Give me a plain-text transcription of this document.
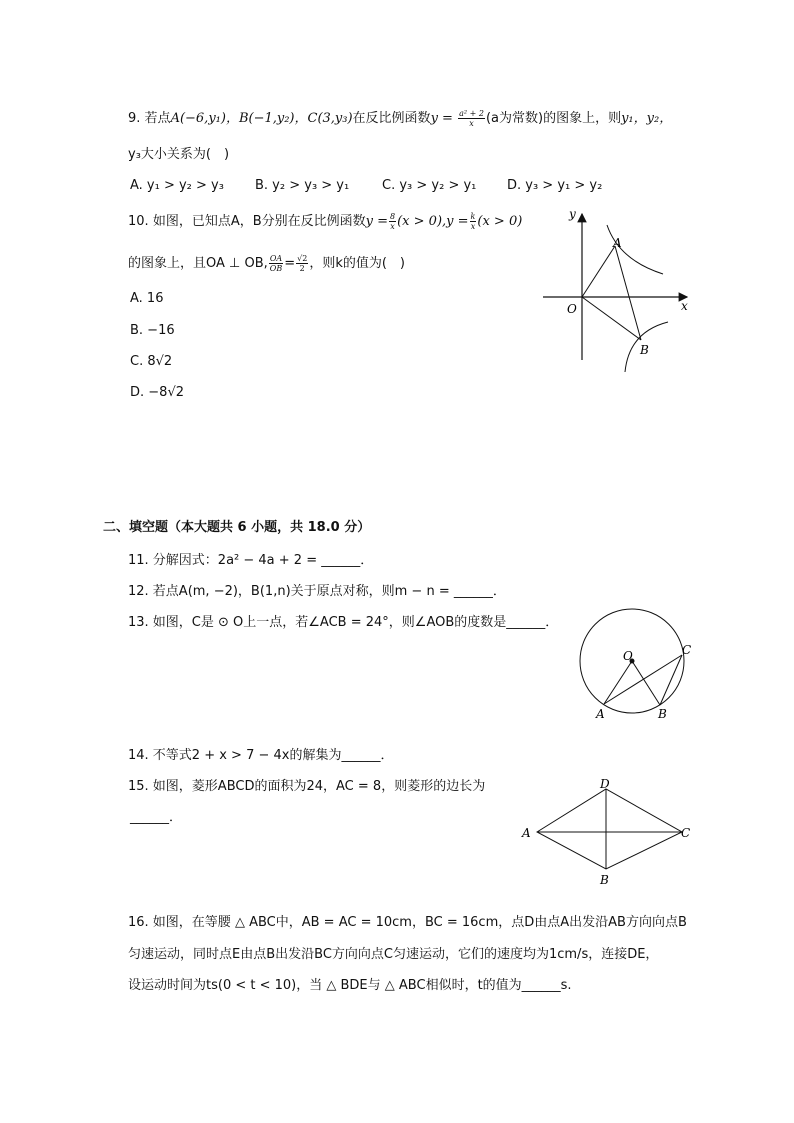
9. 若点A(−6,y₁)，B(−1,y₂)，C(3,y₃)在反比例函数$y = \frac{\text{a² + 2}}{x} (a$为常数)的图象上，则y₁，y₂，
y₃大小关系为(　)
A. y₁ > y₂ > y₃ B. y₂ > y₃ > y₁	C. y₃ > y₂ > y₁ D. y₃ > y₁ > y₂
10. 如图，已知点A，B分别在反比例函数$y = \frac{8}{x} (x > 0),y = \frac{k}{x} (x > 0)$
的图象上，且OA ⊥ OB, $\frac{OA}{OB} = \frac{√2}{2}$ ，则k的值为(　)
A. 16
B. −16
C. 8√2
D. −8√2
y
x
O
A
B
二、填空题（本大题共 6 小题，共 18.0 分）
11. 分解因式：2a² − 4a + 2 = ______．
12. 若点A(m, −2)，B(1,n)关于原点对称，则m − n = ______．
13. 如图，C是 ⊙ O上一点，若∠ACB = 24°，则∠AOB的度数是______．
O	C
A	B
14. 不等式2 + x > 7 − 4x的解集为______．
15. 如图，菱形ABCD的面积为24，AC = 8，则菱形的边长为
______．
D
A	C
B
16. 如图，在等腰 △ ABC中，AB = AC = 10cm，BC = 16cm，点D由点A出发沿AB方向向点B
匀速运动，同时点E由点B出发沿BC方向向点C匀速运动，它们的速度均为1cm/s，连接DE，
设运动时间为ts(0 < t < 10)，当 △ BDE与 △ ABC相似时，t的值为______s.
